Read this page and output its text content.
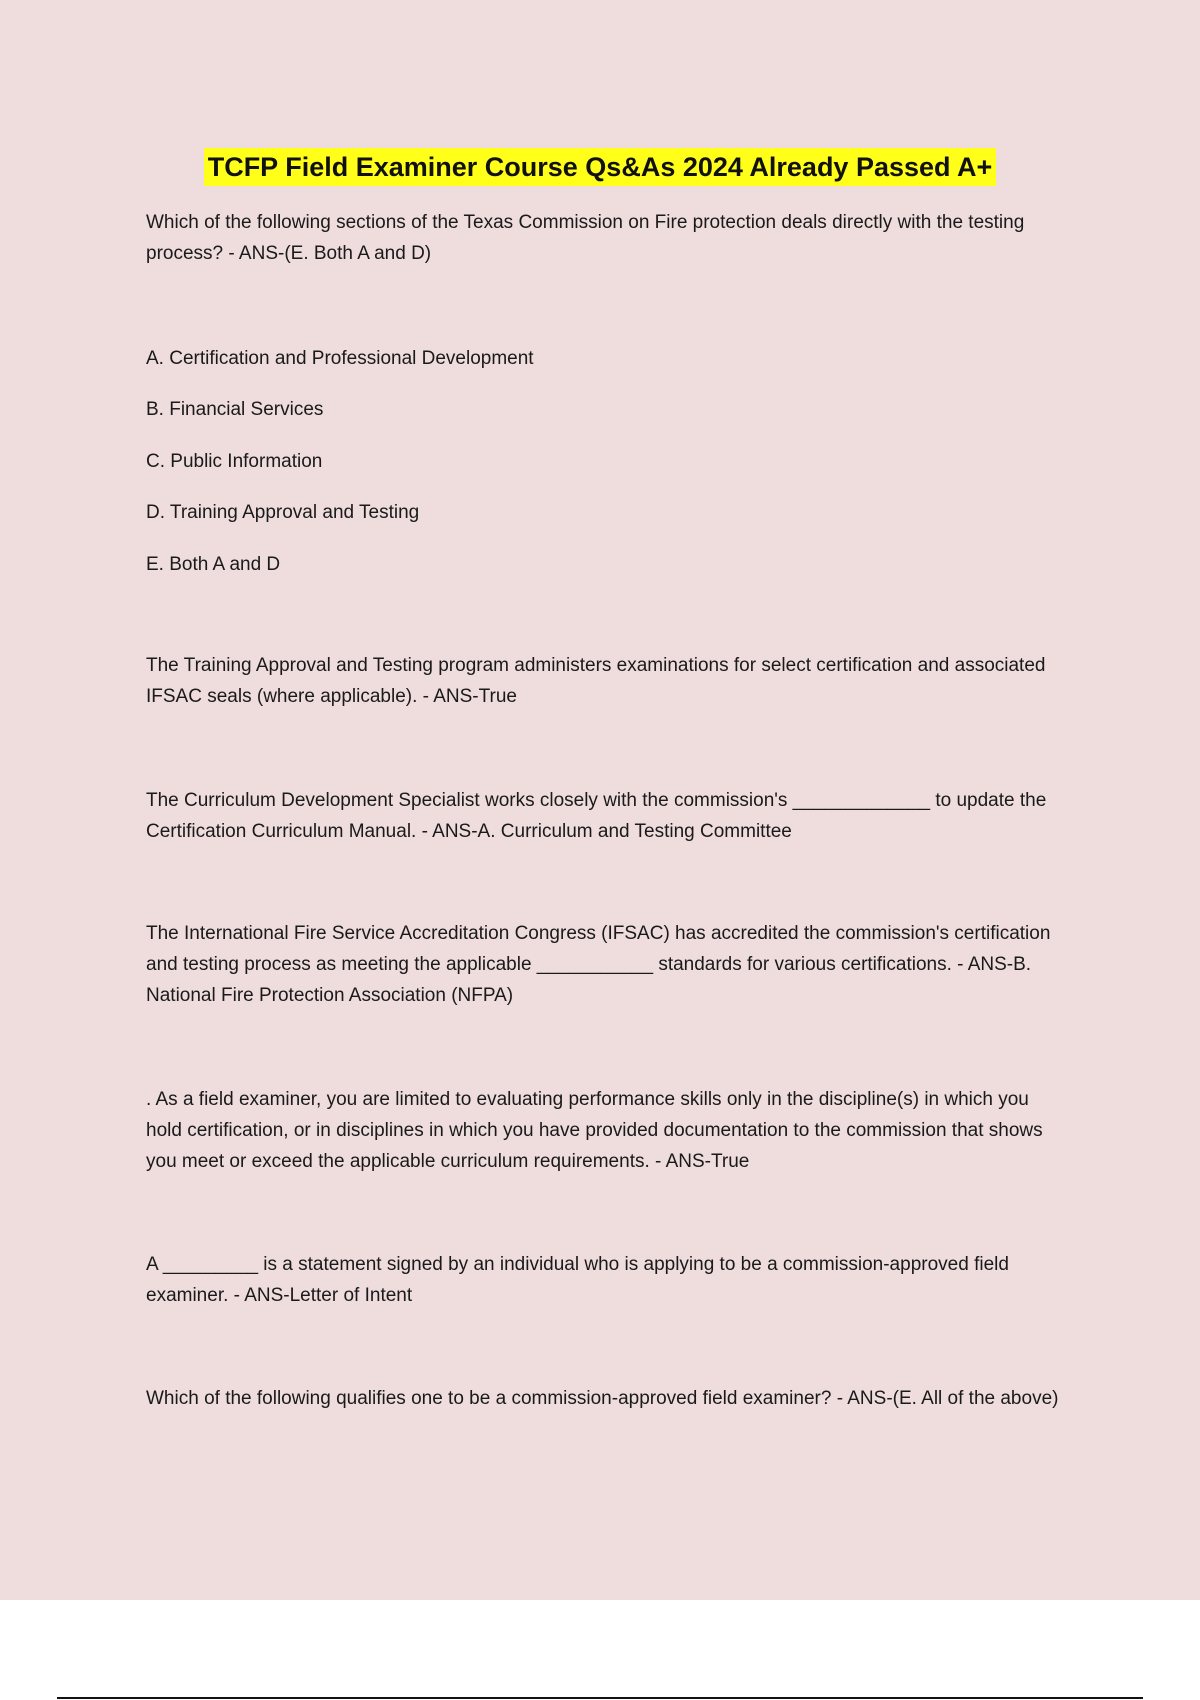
TCFP Field Examiner Course Qs&As 2024 Already Passed A+

Which of the following sections of the Texas Commission on Fire protection deals directly with the testing process? - ANS-(E. Both A and D)

A. Certification and Professional Development

B. Financial Services

C. Public Information

D. Training Approval and Testing

E. Both A and D

The Training Approval and Testing program administers examinations for select certification and associated IFSAC seals (where applicable). - ANS-True

The Curriculum Development Specialist works closely with the commission's _____________ to update the Certification Curriculum Manual. - ANS-A. Curriculum and Testing Committee

The International Fire Service Accreditation Congress (IFSAC) has accredited the commission's certification and testing process as meeting the applicable ___________ standards for various certifications. - ANS-B. National Fire Protection Association (NFPA)

. As a field examiner, you are limited to evaluating performance skills only in the discipline(s) in which you hold certification, or in disciplines in which you have provided documentation to the commission that shows you meet or exceed the applicable curriculum requirements. - ANS-True

A _________ is a statement signed by an individual who is applying to be a commission-approved field examiner. - ANS-Letter of Intent

Which of the following qualifies one to be a commission-approved field examiner? - ANS-(E. All of the above)
